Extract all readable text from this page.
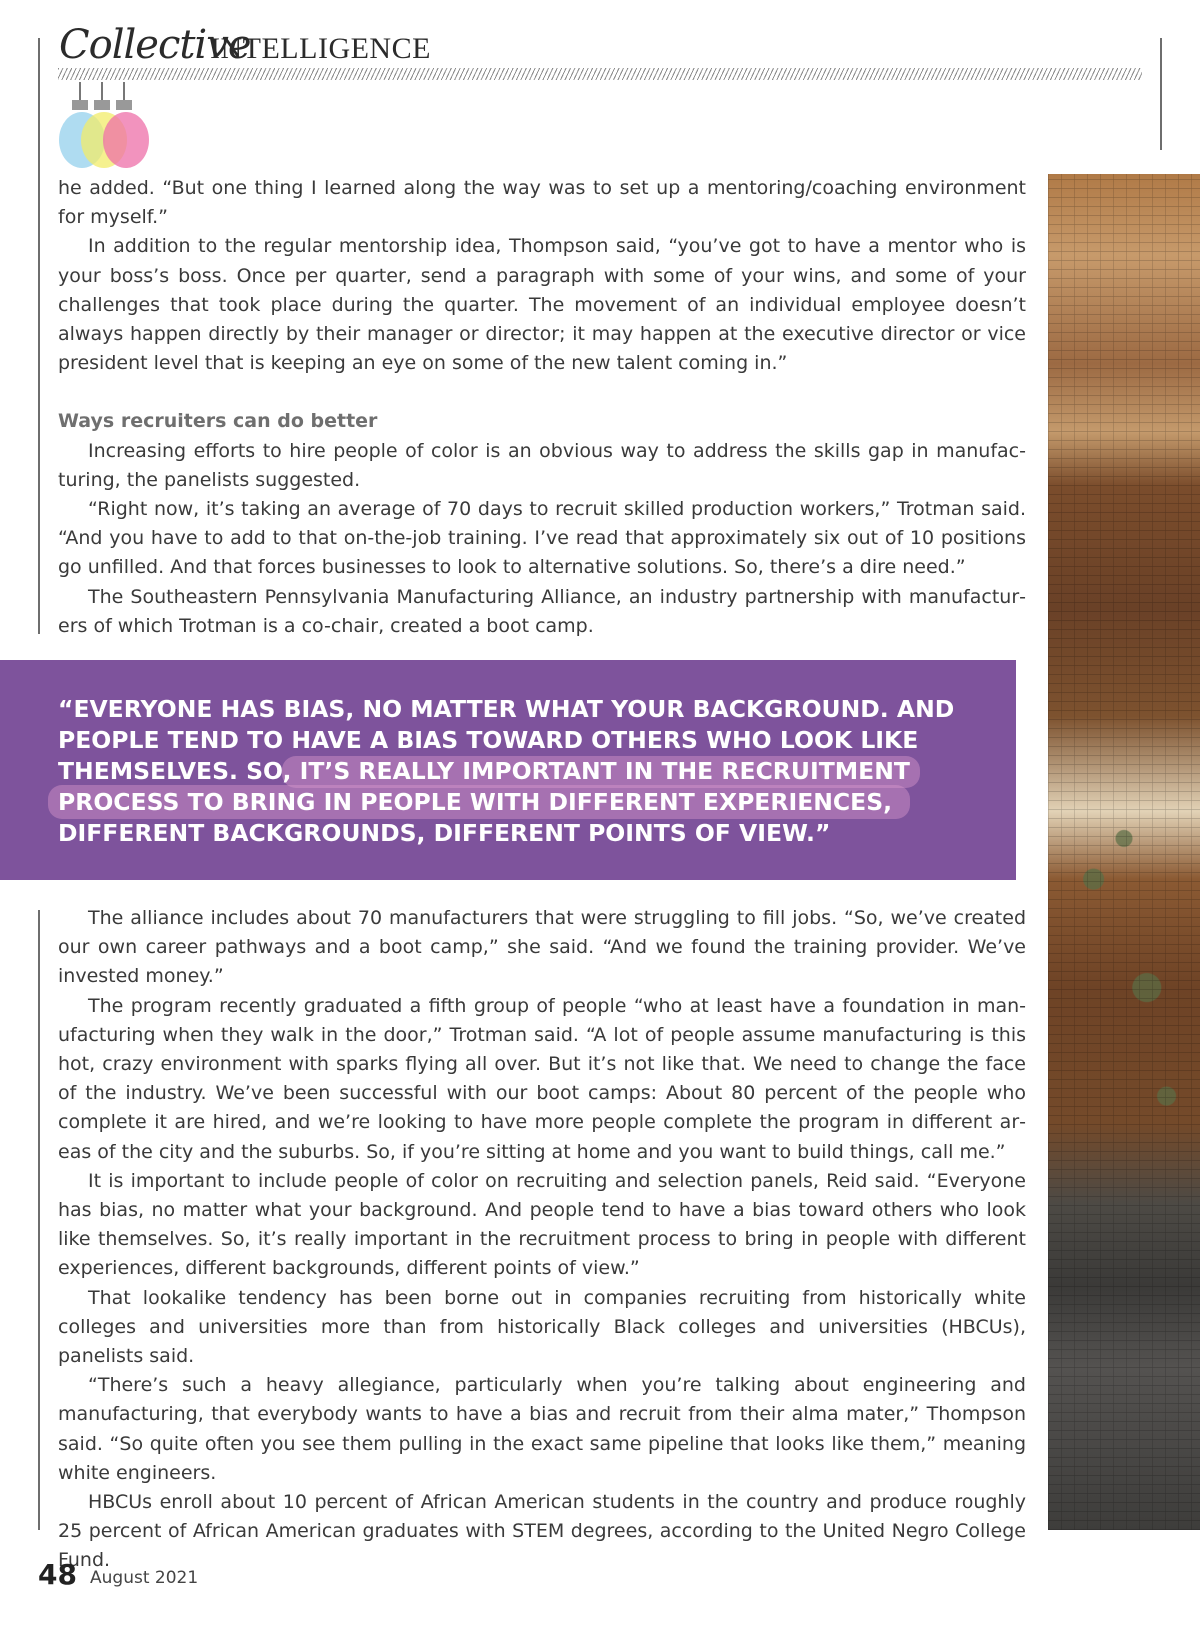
Collective
INTELLIGENCE

he added. “But one thing I learned along the way was to set up a mentoring/coaching environment for myself.”

In addition to the regular mentorship idea, Thompson said, “you’ve got to have a mentor who is your boss’s boss. Once per quarter, send a paragraph with some of your wins, and some of your challenges that took place during the quarter. The movement of an individual employee doesn’t always happen directly by their manager or director; it may happen at the executive director or vice president level that is keeping an eye on some of the new talent coming in.”

Ways recruiters can do better

Increasing efforts to hire people of color is an obvious way to address the skills gap in manufacturing, the panelists suggested.

“Right now, it’s taking an average of 70 days to recruit skilled production workers,” Trotman said. “And you have to add to that on-the-job training. I’ve read that approximately six out of 10 positions go unfilled. And that forces businesses to look to alternative solutions. So, there’s a dire need.”

The Southeastern Pennsylvania Manufacturing Alliance, an industry partnership with manufacturers of which Trotman is a co-chair, created a boot camp.

“EVERYONE HAS BIAS, NO MATTER WHAT YOUR BACKGROUND. AND PEOPLE TEND TO HAVE A BIAS TOWARD OTHERS WHO LOOK LIKE THEMSELVES. SO, IT’S REALLY IMPORTANT IN THE RECRUITMENT PROCESS TO BRING IN PEOPLE WITH DIFFERENT EXPERIENCES, DIFFERENT BACKGROUNDS, DIFFERENT POINTS OF VIEW.”

The alliance includes about 70 manufacturers that were struggling to fill jobs. “So, we’ve created our own career pathways and a boot camp,” she said. “And we found the training provider. We’ve invested money.”

The program recently graduated a fifth group of people “who at least have a foundation in manufacturing when they walk in the door,” Trotman said. “A lot of people assume manufacturing is this hot, crazy environment with sparks flying all over. But it’s not like that. We need to change the face of the industry. We’ve been successful with our boot camps: About 80 percent of the people who complete it are hired, and we’re looking to have more people complete the program in different areas of the city and the suburbs. So, if you’re sitting at home and you want to build things, call me.”

It is important to include people of color on recruiting and selection panels, Reid said. “Everyone has bias, no matter what your background. And people tend to have a bias toward others who look like themselves. So, it’s really important in the recruitment process to bring in people with different experiences, different backgrounds, different points of view.”

That lookalike tendency has been borne out in companies recruiting from historically white colleges and universities more than from historically Black colleges and universities (HBCUs), panelists said.

“There’s such a heavy allegiance, particularly when you’re talking about engineering and manufacturing, that everybody wants to have a bias and recruit from their alma mater,” Thompson said. “So quite often you see them pulling in the exact same pipeline that looks like them,” meaning white engineers.

HBCUs enroll about 10 percent of African American students in the country and produce roughly 25 percent of African American graduates with STEM degrees, according to the United Negro College Fund.

48 August 2021
